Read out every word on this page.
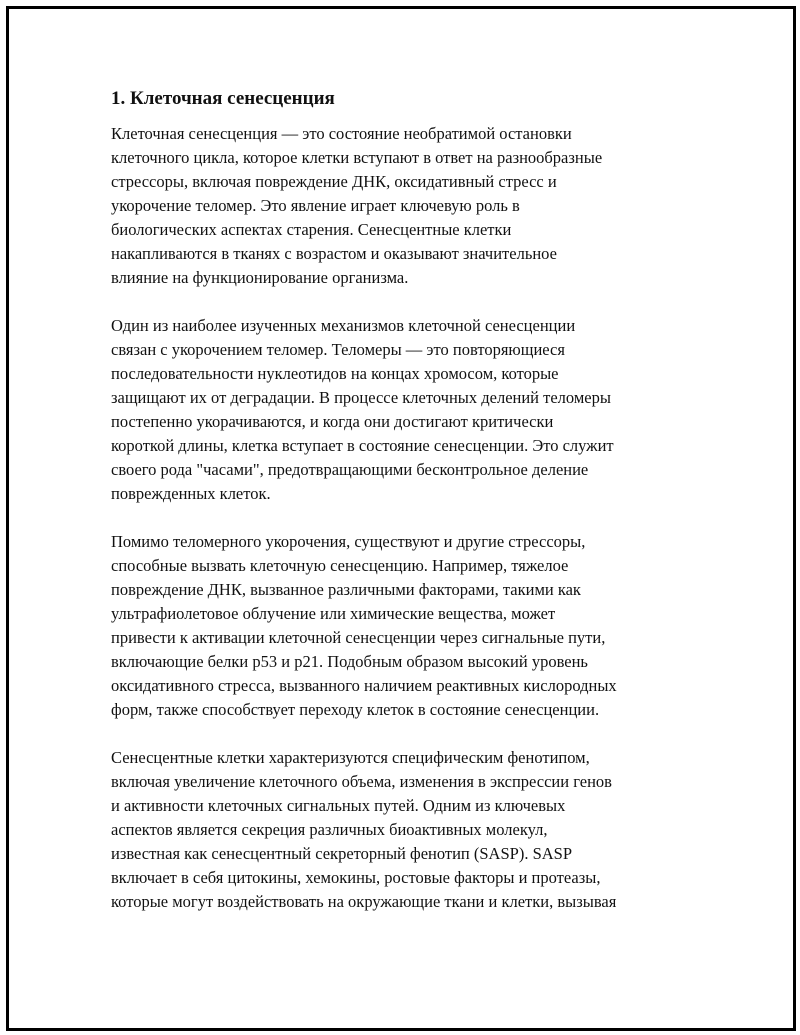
1. Клеточная сенесценция
Клеточная сенесценция — это состояние необратимой остановки
клеточного цикла, которое клетки вступают в ответ на разнообразные
стрессоры, включая повреждение ДНК, оксидативный стресс и
укорочение теломер. Это явление играет ключевую роль в
биологических аспектах старения. Сенесцентные клетки
накапливаются в тканях с возрастом и оказывают значительное
влияние на функционирование организма.
Один из наиболее изученных механизмов клеточной сенесценции
связан с укорочением теломер. Теломеры — это повторяющиеся
последовательности нуклеотидов на концах хромосом, которые
защищают их от деградации. В процессе клеточных делений теломеры
постепенно укорачиваются, и когда они достигают критически
короткой длины, клетка вступает в состояние сенесценции. Это служит
своего рода "часами", предотвращающими бесконтрольное деление
поврежденных клеток.
Помимо теломерного укорочения, существуют и другие стрессоры,
способные вызвать клеточную сенесценцию. Например, тяжелое
повреждение ДНК, вызванное различными факторами, такими как
ультрафиолетовое облучение или химические вещества, может
привести к активации клеточной сенесценции через сигнальные пути,
включающие белки p53 и p21. Подобным образом высокий уровень
оксидативного стресса, вызванного наличием реактивных кислородных
форм, также способствует переходу клеток в состояние сенесценции.
Сенесцентные клетки характеризуются специфическим фенотипом,
включая увеличение клеточного объема, изменения в экспрессии генов
и активности клеточных сигнальных путей. Одним из ключевых
аспектов является секреция различных биоактивных молекул,
известная как сенесцентный секреторный фенотип (SASP). SASP
включает в себя цитокины, хемокины, ростовые факторы и протеазы,
которые могут воздействовать на окружающие ткани и клетки, вызывая
